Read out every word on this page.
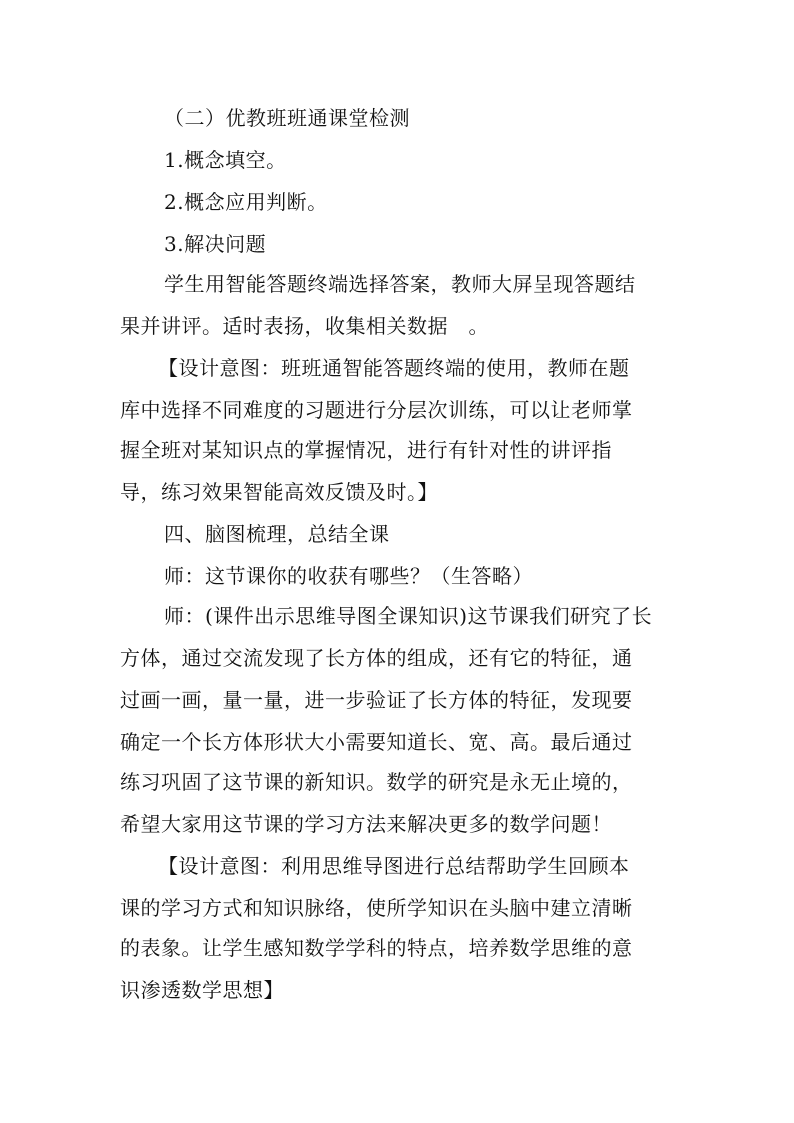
（二）优教班班通课堂检测
1.概念填空。
2.概念应用判断。
3.解决问题
学生用智能答题终端选择答案，教师大屏呈现答题结
果并讲评。适时表扬，收集相关数据　。
【设计意图：班班通智能答题终端的使用，教师在题
库中选择不同难度的习题进行分层次训练，可以让老师掌
握全班对某知识点的掌握情况，进行有针对性的讲评指
导，练习效果智能高效反馈及时。】
四、脑图梳理，总结全课
师：这节课你的收获有哪些？（生答略）
师：(课件出示思维导图全课知识)这节课我们研究了长
方体，通过交流发现了长方体的组成，还有它的特征，通
过画一画，量一量，进一步验证了长方体的特征，发现要
确定一个长方体形状大小需要知道长、宽、高。最后通过
练习巩固了这节课的新知识。数学的研究是永无止境的，
希望大家用这节课的学习方法来解决更多的数学问题！
【设计意图：利用思维导图进行总结帮助学生回顾本
课的学习方式和知识脉络，使所学知识在头脑中建立清晰
的表象。让学生感知数学学科的特点，培养数学思维的意
识渗透数学思想】
